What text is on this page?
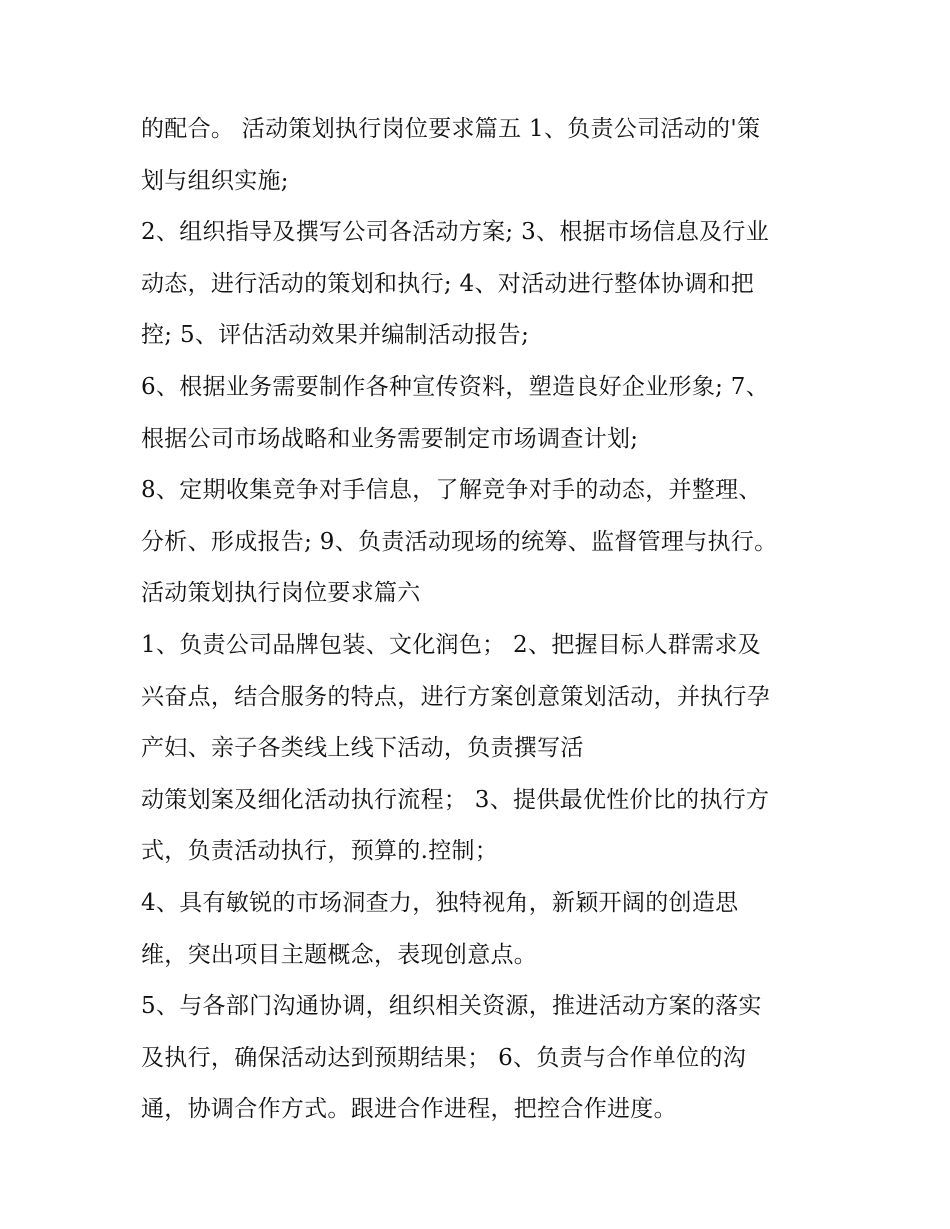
的配合。 活动策划执行岗位要求篇五 1、负责公司活动的'策
划与组织实施;
2、组织指导及撰写公司各活动方案; 3、根据市场信息及行业
动态，进行活动的策划和执行; 4、对活动进行整体协调和把
控; 5、评估活动效果并编制活动报告;
6、根据业务需要制作各种宣传资料，塑造良好企业形象; 7、
根据公司市场战略和业务需要制定市场调查计划;
8、定期收集竞争对手信息，了解竞争对手的动态，并整理、
分析、形成报告; 9、负责活动现场的统筹、监督管理与执行。
活动策划执行岗位要求篇六
1、负责公司品牌包装、文化润色； 2、把握目标人群需求及
兴奋点，结合服务的特点，进行方案创意策划活动，并执行孕
产妇、亲子各类线上线下活动，负责撰写活
动策划案及细化活动执行流程； 3、提供最优性价比的执行方
式，负责活动执行，预算的.控制；
4、具有敏锐的市场洞查力，独特视角，新颖开阔的创造思
维，突出项目主题概念，表现创意点。
5、与各部门沟通协调，组织相关资源，推进活动方案的落实
及执行，确保活动达到预期结果； 6、负责与合作单位的沟
通，协调合作方式。跟进合作进程，把控合作进度。
